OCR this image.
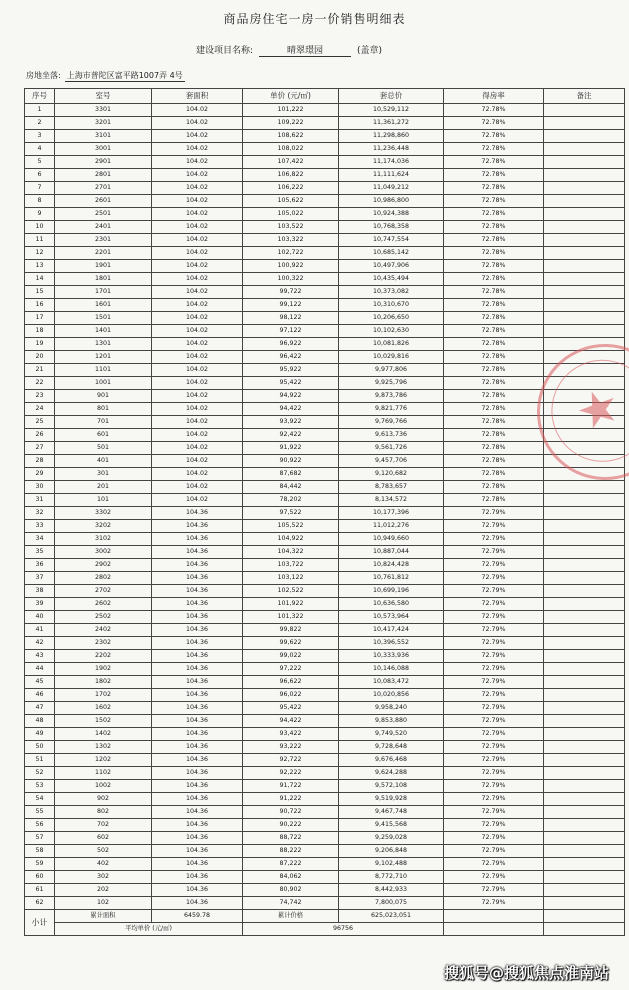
商品房住宅一房一价销售明细表
建设项目名称:	晴翠璟园	(盖章)
房地坐落: 上海市普陀区富平路1007弄 4号
序号	室号	套面积	单价 (元/㎡)	套总价	得房率	备注
1	3301	104.02	101,222	10,529,112	72.78%	
2	3201	104.02	109,222	11,361,272	72.78%	
3	3101	104.02	108,622	11,298,860	72.78%	
4	3001	104.02	108,022	11,236,448	72.78%	
5	2901	104.02	107,422	11,174,036	72.78%	
6	2801	104.02	106,822	11,111,624	72.78%	
7	2701	104.02	106,222	11,049,212	72.78%	
8	2601	104.02	105,622	10,986,800	72.78%	
9	2501	104.02	105,022	10,924,388	72.78%	
10	2401	104.02	103,522	10,768,358	72.78%	
11	2301	104.02	103,322	10,747,554	72.78%	
12	2201	104.02	102,722	10,685,142	72.78%	
13	1901	104.02	100,922	10,497,906	72.78%	
14	1801	104.02	100,322	10,435,494	72.78%	
15	1701	104.02	99,722	10,373,082	72.78%	
16	1601	104.02	99,122	10,310,670	72.78%	
17	1501	104.02	98,122	10,206,650	72.78%	
18	1401	104.02	97,122	10,102,630	72.78%	
19	1301	104.02	96,922	10,081,826	72.78%	
20	1201	104.02	96,422	10,029,816	72.78%	
21	1101	104.02	95,922	9,977,806	72.78%	
22	1001	104.02	95,422	9,925,796	72.78%	
23	901	104.02	94,922	9,873,786	72.78%	
24	801	104.02	94,422	9,821,776	72.78%	
25	701	104.02	93,922	9,769,766	72.78%	
26	601	104.02	92,422	9,613,736	72.78%	
27	501	104.02	91,922	9,561,726	72.78%	
28	401	104.02	90,922	9,457,706	72.78%	
29	301	104.02	87,682	9,120,682	72.78%	
30	201	104.02	84,442	8,783,657	72.78%	
31	101	104.02	78,202	8,134,572	72.78%	
32	3302	104.36	97,522	10,177,396	72.79%	
33	3202	104.36	105,522	11,012,276	72.79%	
34	3102	104.36	104,922	10,949,660	72.79%	
35	3002	104.36	104,322	10,887,044	72.79%	
36	2902	104.36	103,722	10,824,428	72.79%	
37	2802	104.36	103,122	10,761,812	72.79%	
38	2702	104.36	102,522	10,699,196	72.79%	
39	2602	104.36	101,922	10,636,580	72.79%	
40	2502	104.36	101,322	10,573,964	72.79%	
41	2402	104.36	99,822	10,417,424	72.79%	
42	2302	104.36	99,622	10,396,552	72.79%	
43	2202	104.36	99,022	10,333,936	72.79%	
44	1902	104.36	97,222	10,146,088	72.79%	
45	1802	104.36	96,622	10,083,472	72.79%	
46	1702	104.36	96,022	10,020,856	72.79%	
47	1602	104.36	95,422	9,958,240	72.79%	
48	1502	104.36	94,422	9,853,880	72.79%	
49	1402	104.36	93,422	9,749,520	72.79%	
50	1302	104.36	93,222	9,728,648	72.79%	
51	1202	104.36	92,722	9,676,468	72.79%	
52	1102	104.36	92,222	9,624,288	72.79%	
53	1002	104.36	91,722	9,572,108	72.79%	
54	902	104.36	91,222	9,519,928	72.79%	
55	802	104.36	90,722	9,467,748	72.79%	
56	702	104.36	90,222	9,415,568	72.79%	
57	602	104.36	88,722	9,259,028	72.79%	
58	502	104.36	88,222	9,206,848	72.79%	
59	402	104.36	87,222	9,102,488	72.79%	
60	302	104.36	84,062	8,772,710	72.79%	
61	202	104.36	80,902	8,442,933	72.79%	
62	102	104.36	74,742	7,800,075	72.79%	
小计	累计面积	6459.78	累计价格	625,023,051		
	平均单价 (元/㎡)		96756			
★
搜狐号@搜狐焦点淮南站
